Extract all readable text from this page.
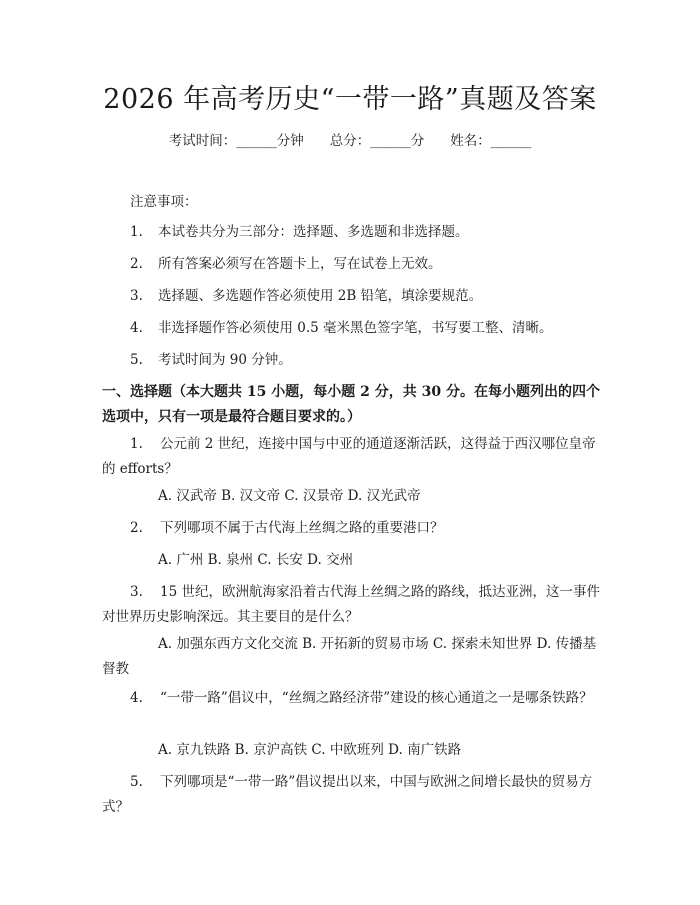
2026 年高考历史“一带一路”真题及答案
考试时间：______分钟 总分：______分 姓名：______
注意事项：
1. 本试卷共分为三部分：选择题、多选题和非选择题。
2. 所有答案必须写在答题卡上，写在试卷上无效。
3. 选择题、多选题作答必须使用 2B 铅笔，填涂要规范。
4. 非选择题作答必须使用 0.5 毫米黑色签字笔，书写要工整、清晰。
5. 考试时间为 90 分钟。
一、选择题（本大题共 15 小题，每小题 2 分，共 30 分。在每小题列出的四个选项中，只有一项是最符合题目要求的。）
1. 公元前 2 世纪，连接中国与中亚的通道逐渐活跃，这得益于西汉哪位皇帝的 efforts？
A. 汉武帝 B. 汉文帝 C. 汉景帝 D. 汉光武帝
2. 下列哪项不属于古代海上丝绸之路的重要港口？
A. 广州 B. 泉州 C. 长安 D. 交州
3. 15 世纪，欧洲航海家沿着古代海上丝绸之路的路线，抵达亚洲，这一事件对世界历史影响深远。其主要目的是什么？
A. 加强东西方文化交流 B. 开拓新的贸易市场 C. 探索未知世界 D. 传播基督教
4. “一带一路”倡议中，“丝绸之路经济带”建设的核心通道之一是哪条铁路？
A. 京九铁路 B. 京沪高铁 C. 中欧班列 D. 南广铁路
5. 下列哪项是“一带一路”倡议提出以来，中国与欧洲之间增长最快的贸易方式？
